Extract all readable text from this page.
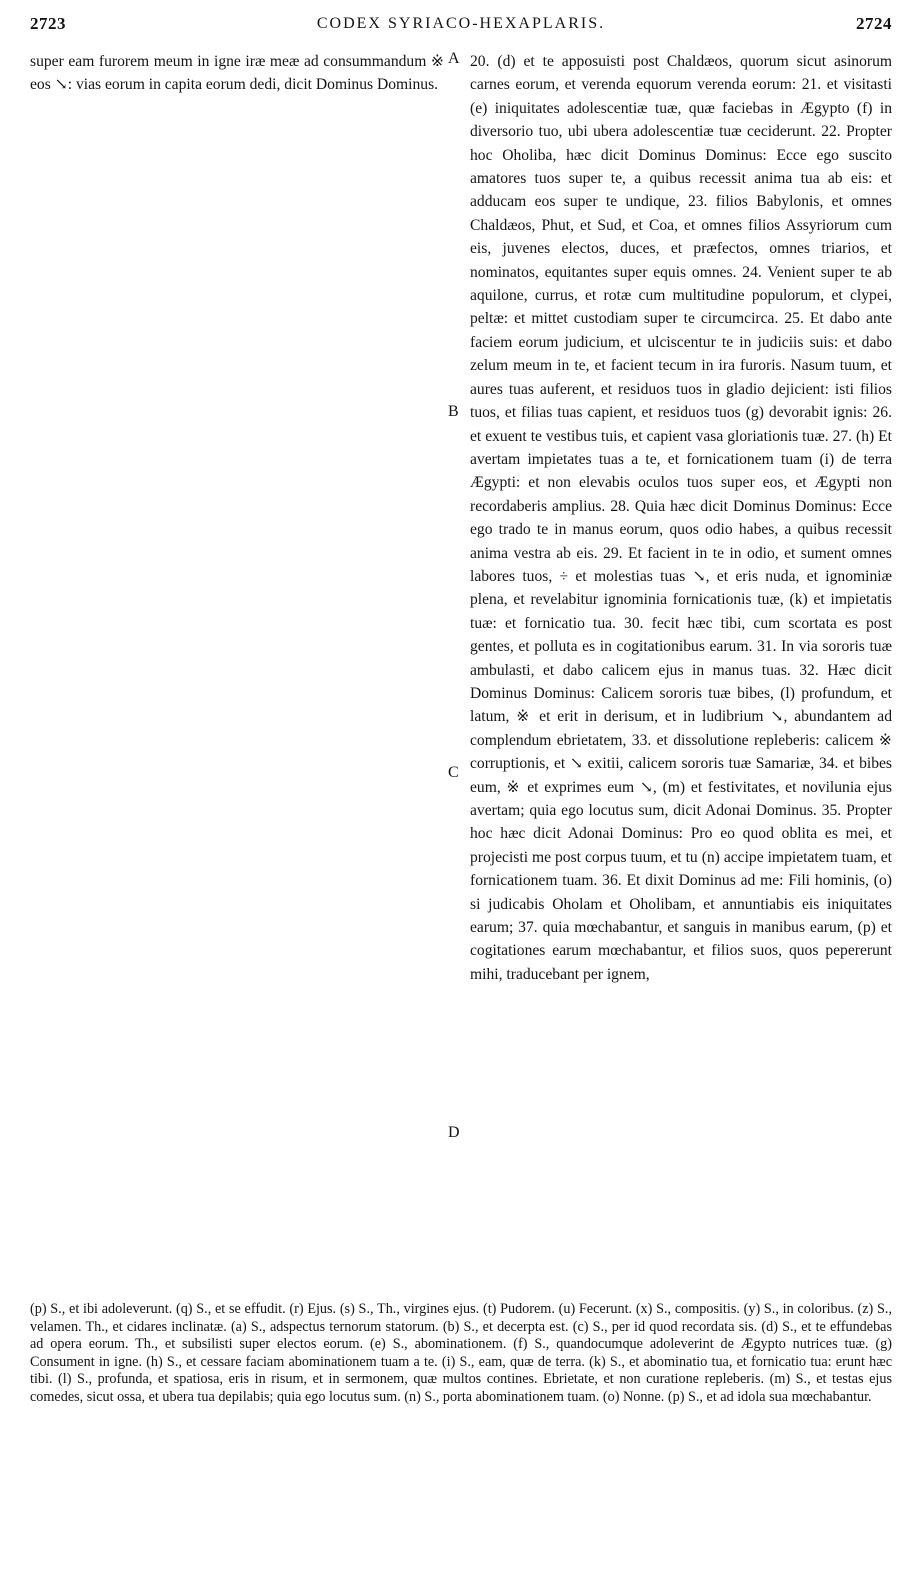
2723	CODEX SYRIACO-HEXAPLARIS.	2724

super eam furorem meum in igne iræ meæ ad consummandum ※ eos ↘: vias eorum in capita eorum dedi, dicit Dominus Dominus.

20. (d) et te apposuisti post Chaldæos, quorum sicut asinorum carnes eorum, et verenda equorum verenda eorum: 21. et visitasti (e) iniquitates adolescentiæ tuæ, quæ faciebas in Ægypto (f) in diversorio tuo, ubi ubera adolescentiæ tuæ ceciderunt. 22. Propter hoc Oholiba, hæc dicit Dominus Dominus: Ecce ego suscito amatores tuos super te, a quibus recessit anima tua ab eis: et adducam eos super te undique, 23. filios Babylonis, et omnes Chaldæos, Phut, et Sud, et Coa, et omnes filios Assyriorum cum eis, juvenes electos, duces, et præfectos, omnes triarios, et nominatos, equitantes super equis omnes. 24. Venient super te ab aquilone, currus, et rotæ cum multitudine populorum, et clypei, peltæ: et mittet custodiam super te circumcirca. 25. Et dabo ante faciem eorum judicium, et ulciscentur te in judiciis suis: et dabo zelum meum in te, et facient tecum in ira furoris. Nasum tuum, et aures tuas auferent, et residuos tuos in gladio dejicient: isti filios tuos, et filias tuas capient, et residuos tuos (g) devorabit ignis: 26. et exuent te vestibus tuis, et capient vasa gloriationis tuæ. 27. (h) Et avertam impietates tuas a te, et fornicationem tuam (i) de terra Ægypti: et non elevabis oculos tuos super eos, et Ægypti non recordaberis amplius. 28. Quia hæc dicit Dominus Dominus: Ecce ego trado te in manus eorum, quos odio habes, a quibus recessit anima vestra ab eis. 29. Et facient in te in odio, et sument omnes labores tuos, ÷ et molestias tuas ↘, et eris nuda, et ignominiæ plena, et revelabitur ignominia fornicationis tuæ, (k) et impietatis tuæ: et fornicatio tua. 30. fecit hæc tibi, cum scortata es post gentes, et polluta es in cogitationibus earum. 31. In via sororis tuæ ambulasti, et dabo calicem ejus in manus tuas. 32. Hæc dicit Dominus Dominus: Calicem sororis tuæ bibes, (l) profundum, et latum, ※ et erit in derisum, et in ludibrium ↘, abundantem ad complendum ebrietatem, 33. et dissolutione repleberis: calicem ※ corruptionis, et ↘ exitii, calicem sororis tuæ Samariæ, 34. et bibes eum, ※ et exprimes eum ↘, (m) et festivitates, et novilunia ejus avertam; quia ego locutus sum, dicit Adonai Dominus. 35. Propter hoc hæc dicit Adonai Dominus: Pro eo quod oblita es mei, et projecisti me post corpus tuum, et tu (n) accipe impietatem tuam, et fornicationem tuam. 36. Et dixit Dominus ad me: Fili hominis, (o) si judicabis Oholam et Oholibam, et annuntiabis eis iniquitates earum; 37. quia mœchabantur, et sanguis in manibus earum, (p) et cogitationes earum mœchabantur, et filios suos, quos pepererunt mihi, traducebant per ignem,

A
B
C
D

(p) S., et ibi adoleverunt. (q) S., et se effudit. (r) Ejus. (s) S., Th., virgines ejus. (t) Pudorem. (u) Fecerunt. (x) S., compositis. (y) S., in coloribus. (z) S., velamen. Th., et cidares inclinatæ. (a) S., adspectus ternorum statorum. (b) S., et decerpta est. (c) S., per id quod recordata sis. (d) S., et te effundebas ad opera eorum. Th., et subsilisti super electos eorum. (e) S., abominationem. (f) S., quandocumque adoleverint de Ægypto nutrices tuæ. (g) Consument in igne. (h) S., et cessare faciam abominationem tuam a te. (i) S., eam, quæ de terra. (k) S., et abominatio tua, et fornicatio tua: erunt hæc tibi. (l) S., profunda, et spatiosa, eris in risum, et in sermonem, quæ multos contines. Ebrietate, et non curatione repleberis. (m) S., et testas ejus comedes, sicut ossa, et ubera tua depilabis; quia ego locutus sum. (n) S., porta abominationem tuam. (o) Nonne. (p) S., et ad idola sua mœchabantur.
